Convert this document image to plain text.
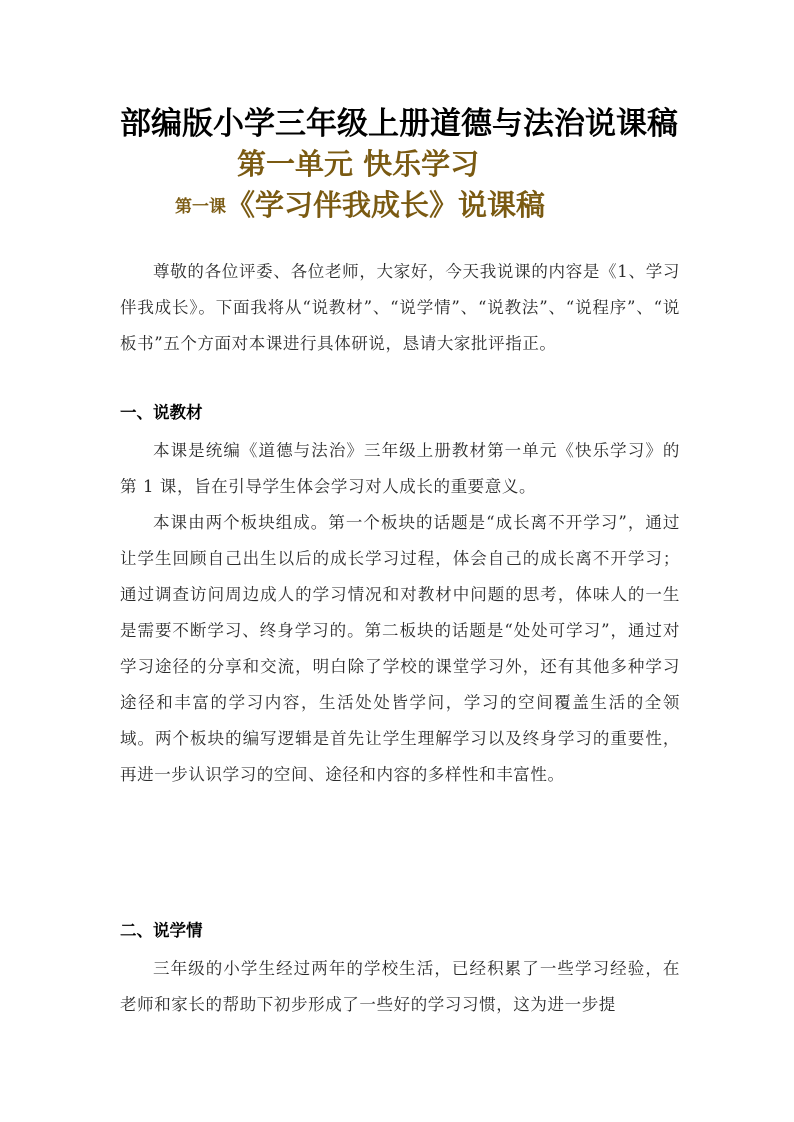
部编版小学三年级上册道德与法治说课稿
第一单元 快乐学习
第一课《学习伴我成长》说课稿

尊敬的各位评委、各位老师，大家好，今天我说课的内容是《1、学习伴我成长》。下面我将从“说教材”、“说学情”、“说教法”、“说程序”、“说板书”五个方面对本课进行具体研说，恳请大家批评指正。

一、说教材

本课是统编《道德与法治》三年级上册教材第一单元《快乐学习》的第 1 课，旨在引导学生体会学习对人成长的重要意义。

本课由两个板块组成。第一个板块的话题是“成长离不开学习”，通过让学生回顾自己出生以后的成长学习过程，体会自己的成长离不开学习；通过调查访问周边成人的学习情况和对教材中问题的思考，体味人的一生是需要不断学习、终身学习的。第二板块的话题是“处处可学习”，通过对学习途径的分享和交流，明白除了学校的课堂学习外，还有其他多种学习途径和丰富的学习内容，生活处处皆学问，学习的空间覆盖生活的全领域。两个板块的编写逻辑是首先让学生理解学习以及终身学习的重要性，再进一步认识学习的空间、途径和内容的多样性和丰富性。

二、说学情

三年级的小学生经过两年的学校生活，已经积累了一些学习经验，在老师和家长的帮助下初步形成了一些好的学习习惯，这为进一步提
